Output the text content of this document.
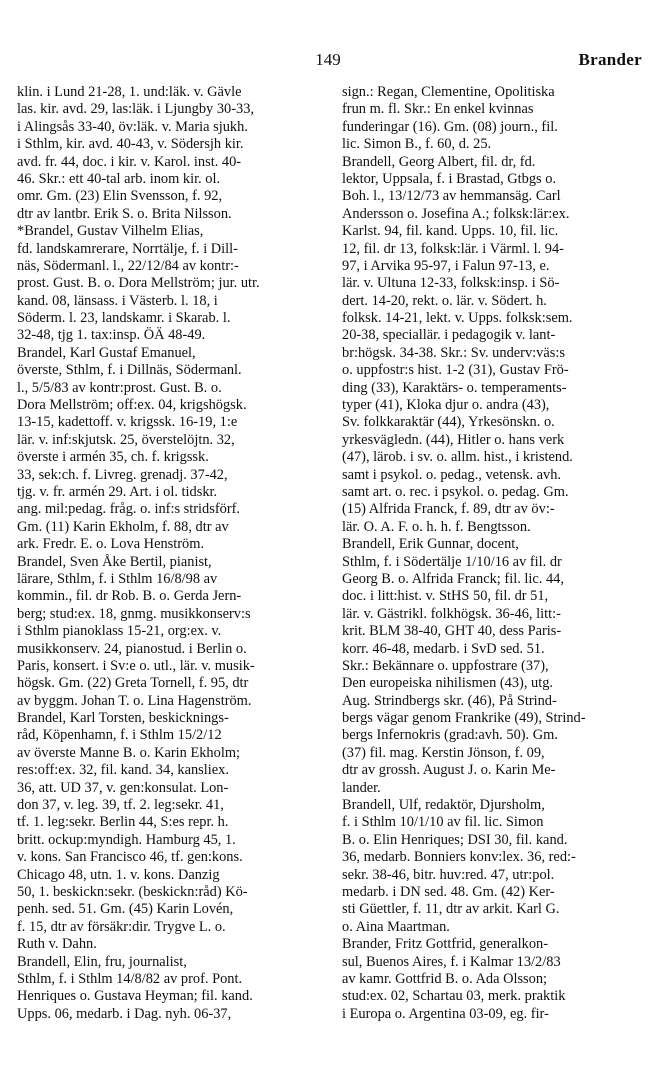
149	Brander
klin. i Lund 21-28, 1. und:läk. v. Gävle
las. kir. avd. 29, las:läk. i Ljungby 30-33,
i Alingsås 33-40, öv:läk. v. Maria sjukh.
i Sthlm, kir. avd. 40-43, v. Södersjh kir.
avd. fr. 44, doc. i kir. v. Karol. inst. 40-
46. Skr.: ett 40-tal arb. inom kir. ol.
omr. Gm. (23) Elin Svensson, f. 92,
dtr av lantbr. Erik S. o. Brita Nilsson.
*Brandel, Gustav Vilhelm Elias,
fd. landskamrerare, Norrtälje, f. i Dill-
näs, Södermanl. l., 22/12/84 av kontr:-
prost. Gust. B. o. Dora Mellström; jur. utr.
kand. 08, länsass. i Västerb. l. 18, i
Söderm. l. 23, landskamr. i Skarab. l.
32-48, tjg 1. tax:insp. ÖÄ 48-49.
Brandel, Karl Gustaf Emanuel,
överste, Sthlm, f. i Dillnäs, Södermanl.
l., 5/5/83 av kontr:prost. Gust. B. o.
Dora Mellström; off:ex. 04, krigshögsk.
13-15, kadettoff. v. krigssk. 16-19, 1:e
lär. v. inf:skjutsk. 25, överstelöjtn. 32,
överste i armén 35, ch. f. krigssk.
33, sek:ch. f. Livreg. grenadj. 37-42,
tjg. v. fr. armén 29. Art. i ol. tidskr.
ang. mil:pedag. fråg. o. inf:s stridsförf.
Gm. (11) Karin Ekholm, f. 88, dtr av
ark. Fredr. E. o. Lova Henström.
Brandel, Sven Åke Bertil, pianist,
lärare, Sthlm, f. i Sthlm 16/8/98 av
kommin., fil. dr Rob. B. o. Gerda Jern-
berg; stud:ex. 18, gnmg. musikkonserv:s
i Sthlm pianoklass 15-21, org:ex. v.
musikkonserv. 24, pianostud. i Berlin o.
Paris, konsert. i Sv:e o. utl., lär. v. musik-
högsk. Gm. (22) Greta Tornell, f. 95, dtr
av byggm. Johan T. o. Lina Hagenström.
Brandel, Karl Torsten, beskicknings-
råd, Köpenhamn, f. i Sthlm 15/2/12
av överste Manne B. o. Karin Ekholm;
res:off:ex. 32, fil. kand. 34, kansliex.
36, att. UD 37, v. gen:konsulat. Lon-
don 37, v. leg. 39, tf. 2. leg:sekr. 41,
tf. 1. leg:sekr. Berlin 44, S:es repr. h.
britt. ockup:myndigh. Hamburg 45, 1.
v. kons. San Francisco 46, tf. gen:kons.
Chicago 48, utn. 1. v. kons. Danzig
50, 1. beskickn:sekr. (beskickn:råd) Kö-
penh. sed. 51. Gm. (45) Karin Lovén,
f. 15, dtr av försäkr:dir. Trygve L. o.
Ruth v. Dahn.
Brandell, Elin, fru, journalist,
Sthlm, f. i Sthlm 14/8/82 av prof. Pont.
Henriques o. Gustava Heyman; fil. kand.
Upps. 06, medarb. i Dag. nyh. 06-37,
sign.: Regan, Clementine, Opolitiska
frun m. fl. Skr.: En enkel kvinnas
funderingar (16). Gm. (08) journ., fil.
lic. Simon B., f. 60, d. 25.
Brandell, Georg Albert, fil. dr, fd.
lektor, Uppsala, f. i Brastad, Gtbgs o.
Boh. l., 13/12/73 av hemmansäg. Carl
Andersson o. Josefina A.; folksk:lär:ex.
Karlst. 94, fil. kand. Upps. 10, fil. lic.
12, fil. dr 13, folksk:lär. i Värml. l. 94-
97, i Arvika 95-97, i Falun 97-13, e.
lär. v. Ultuna 12-33, folksk:insp. i Sö-
dert. 14-20, rekt. o. lär. v. Södert. h.
folksk. 14-21, lekt. v. Upps. folksk:sem.
20-38, speciallär. i pedagogik v. lant-
br:högsk. 34-38. Skr.: Sv. underv:väs:s
o. uppfostr:s hist. 1-2 (31), Gustav Frö-
ding (33), Karaktärs- o. temperaments-
typer (41), Kloka djur o. andra (43),
Sv. folkkaraktär (44), Yrkesönskn. o.
yrkesvägledn. (44), Hitler o. hans verk
(47), lärob. i sv. o. allm. hist., i kristend.
samt i psykol. o. pedag., vetensk. avh.
samt art. o. rec. i psykol. o. pedag. Gm.
(15) Alfrida Franck, f. 89, dtr av öv:-
lär. O. A. F. o. h. h. f. Bengtsson.
Brandell, Erik Gunnar, docent,
Sthlm, f. i Södertälje 1/10/16 av fil. dr
Georg B. o. Alfrida Franck; fil. lic. 44,
doc. i litt:hist. v. StHS 50, fil. dr 51,
lär. v. Gästrikl. folkhögsk. 36-46, litt:-
krit. BLM 38-40, GHT 40, dess Paris-
korr. 46-48, medarb. i SvD sed. 51.
Skr.: Bekännare o. uppfostrare (37),
Den europeiska nihilismen (43), utg.
Aug. Strindbergs skr. (46), På Strind-
bergs vägar genom Frankrike (49), Strind-
bergs Infernokris (grad:avh. 50). Gm.
(37) fil. mag. Kerstin Jönson, f. 09,
dtr av grossh. August J. o. Karin Me-
lander.
Brandell, Ulf, redaktör, Djursholm,
f. i Sthlm 10/1/10 av fil. lic. Simon
B. o. Elin Henriques; DSI 30, fil. kand.
36, medarb. Bonniers konv:lex. 36, red:-
sekr. 38-46, bitr. huv:red. 47, utr:pol.
medarb. i DN sed. 48. Gm. (42) Ker-
sti Güettler, f. 11, dtr av arkit. Karl G.
o. Aina Maartman.
Brander, Fritz Gottfrid, generalkon-
sul, Buenos Aires, f. i Kalmar 13/2/83
av kamr. Gottfrid B. o. Ada Olsson;
stud:ex. 02, Schartau 03, merk. praktik
i Europa o. Argentina 03-09, eg. fir-
